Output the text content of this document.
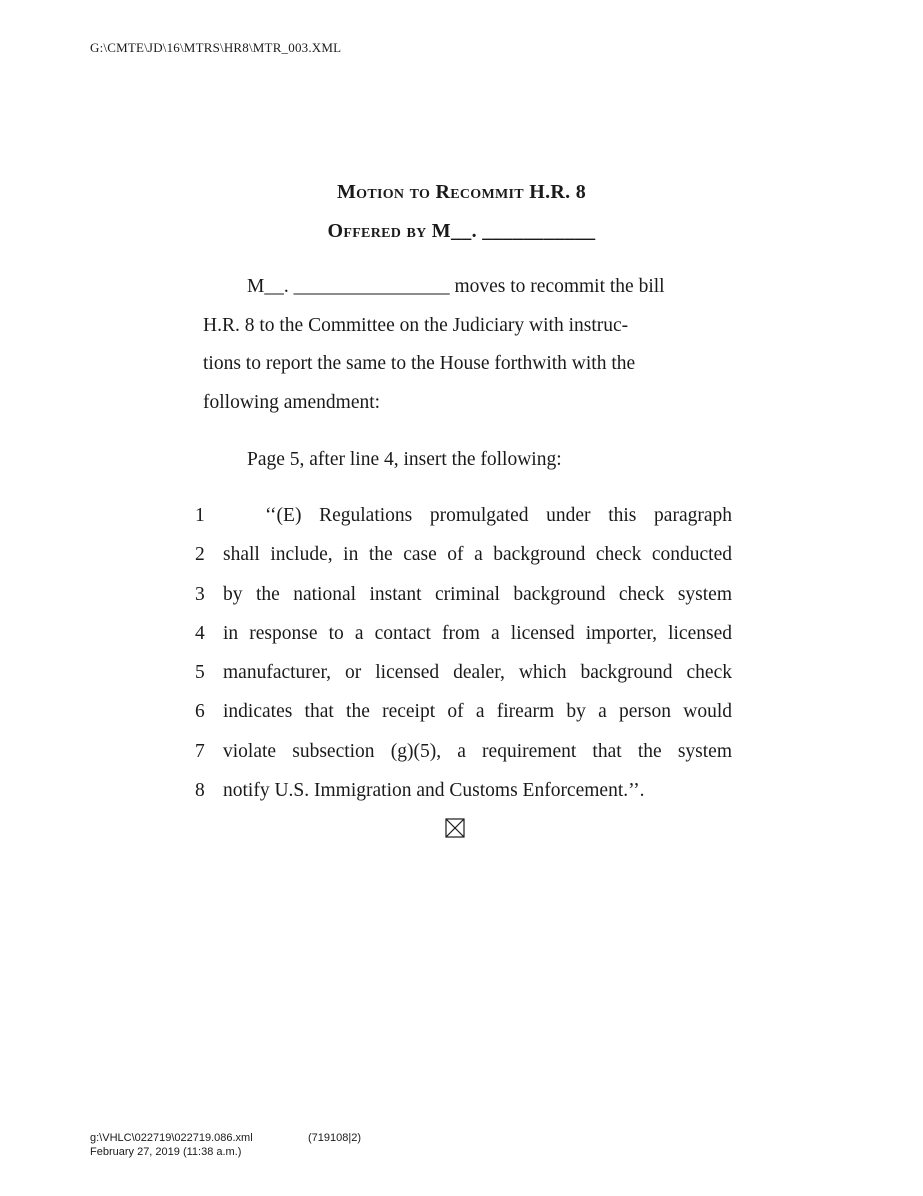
G:\CMTE\JD\16\MTRS\HR8\MTR_003.XML
Motion to Recommit H.R. 8
Offered by M__. ___________
M__. ________________ moves to recommit the bill
H.R. 8 to the Committee on the Judiciary with instruc-
tions to report the same to the House forthwith with the
following amendment:
Page 5, after line 4, insert the following:
1	‘‘(E) Regulations promulgated under this paragraph
2 shall include, in the case of a background check conducted
3 by the national instant criminal background check system
4 in response to a contact from a licensed importer, licensed
5 manufacturer, or licensed dealer, which background check
6 indicates that the receipt of a firearm by a person would
7 violate subsection (g)(5), a requirement that the system
8 notify U.S. Immigration and Customs Enforcement.’’.
g:\VHLC\022719\022719.086.xml	(719108|2)
February 27, 2019 (11:38 a.m.)
